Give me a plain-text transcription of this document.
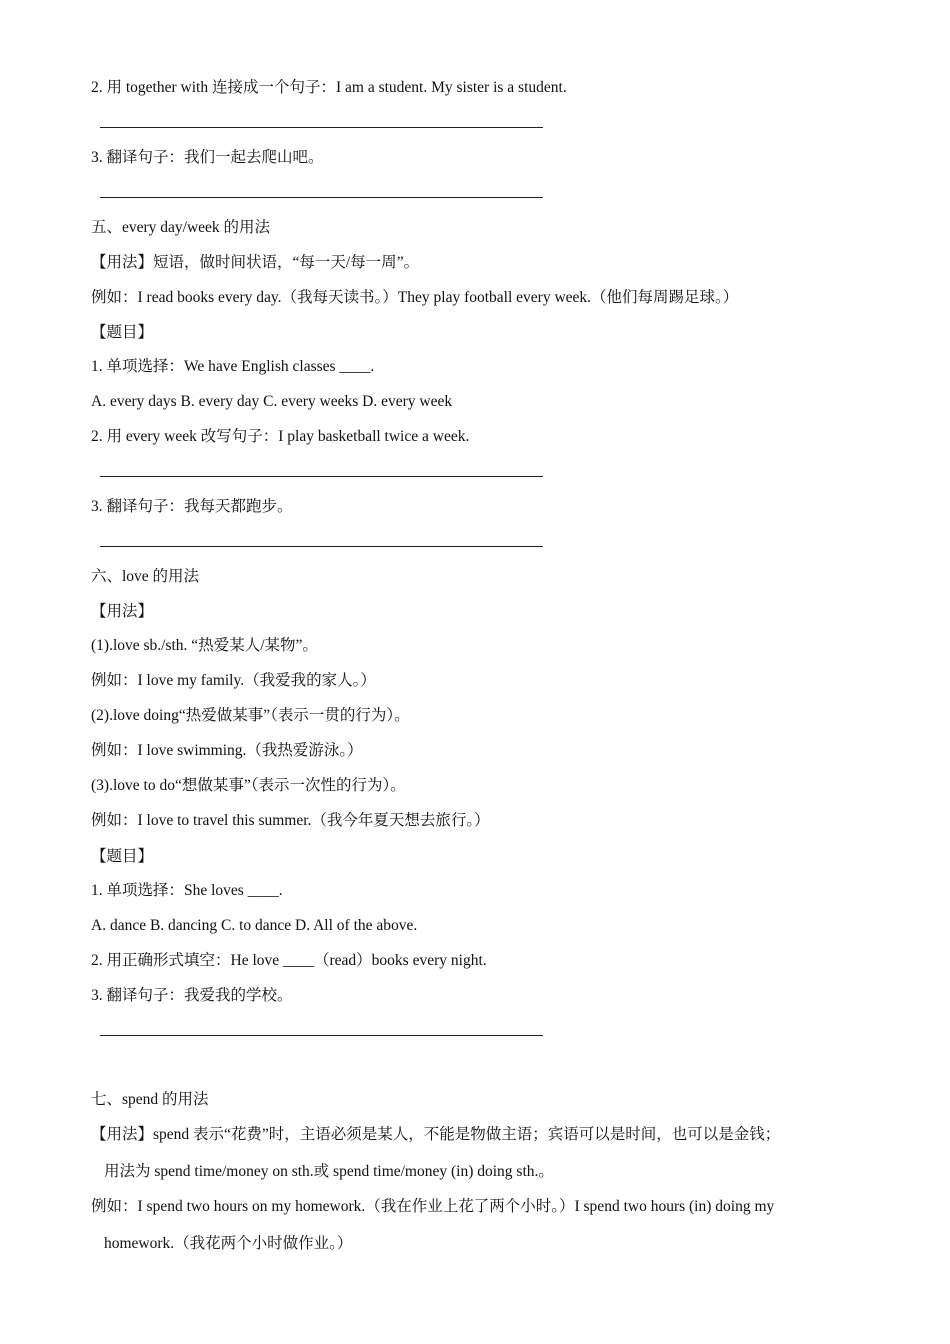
2. 用 together with 连接成一个句子：I am a student. My sister is a student.
3. 翻译句子：我们一起去爬山吧。
五、every day/week 的用法
【用法】短语，做时间状语，“每一天/每一周”。
例如：I read books every day.（我每天读书。）They play football every week.（他们每周踢足球。）
【题目】
1. 单项选择：We have English classes ____.
A. every days B. every day C. every weeks D. every week
2. 用 every week 改写句子：I play basketball twice a week.
3. 翻译句子：我每天都跑步。
六、love 的用法
【用法】
(1).love sb./sth. “热爱某人/某物”。
例如：I love my family.（我爱我的家人。）
(2).love doing“热爱做某事”（表示一贯的行为）。
例如：I love swimming.（我热爱游泳。）
(3).love to do“想做某事”（表示一次性的行为）。
例如：I love to travel this summer.（我今年夏天想去旅行。）
【题目】
1. 单项选择：She loves ____.
A. dance B. dancing C. to dance D. All of the above.
2. 用正确形式填空：He love ____（read）books every night.
3. 翻译句子：我爱我的学校。
七、spend 的用法
【用法】spend 表示“花费”时，主语必须是某人，不能是物做主语；宾语可以是时间，也可以是金钱；
用法为 spend time/money on sth.或 spend time/money (in) doing sth.。
例如：I spend two hours on my homework.（我在作业上花了两个小时。）I spend two hours (in) doing my
homework.（我花两个小时做作业。）
